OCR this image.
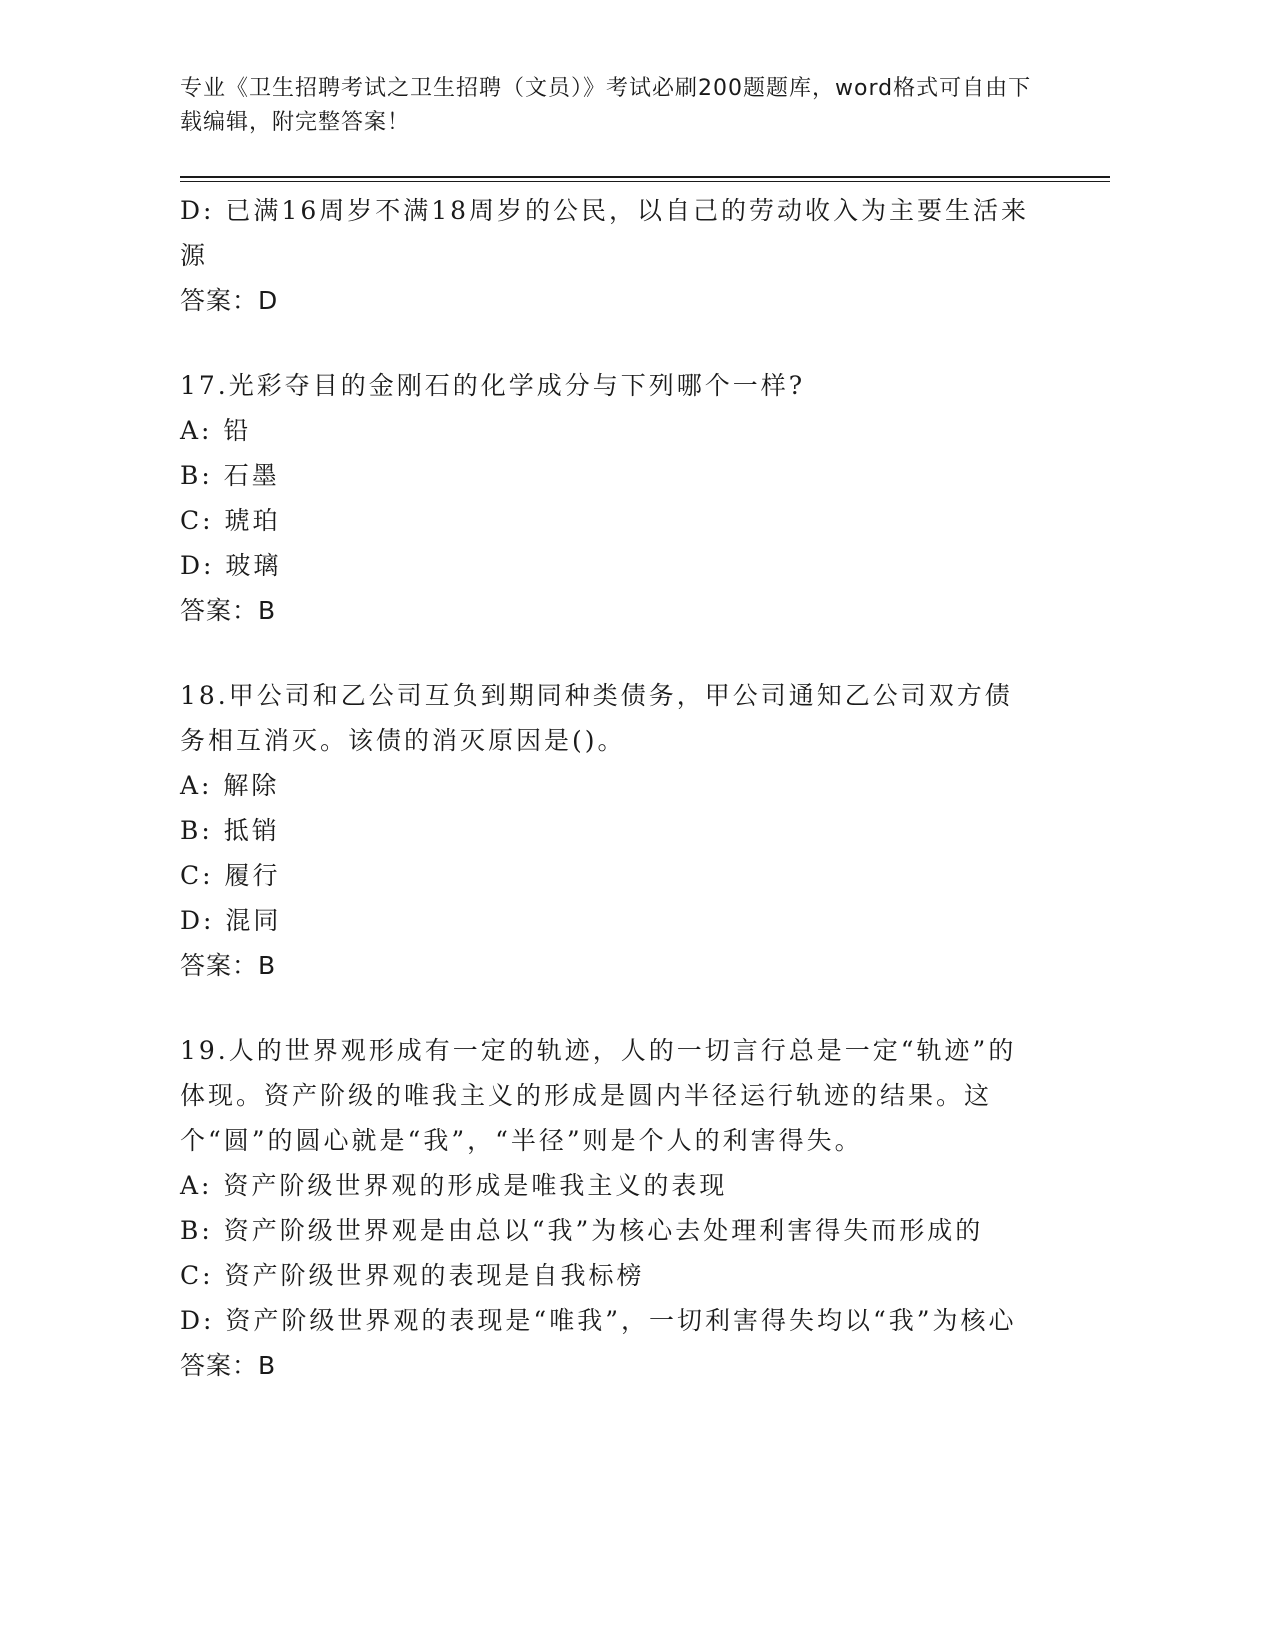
专业《卫生招聘考试之卫生招聘（文员）》考试必刷200题题库，word格式可自由下载编辑，附完整答案！
D: 已满16周岁不满18周岁的公民，以自己的劳动收入为主要生活来源
答案：D
17.光彩夺目的金刚石的化学成分与下列哪个一样?
A: 铅
B: 石墨
C: 琥珀
D: 玻璃
答案：B
18.甲公司和乙公司互负到期同种类债务，甲公司通知乙公司双方债务相互消灭。该债的消灭原因是()。
A: 解除
B: 抵销
C: 履行
D: 混同
答案：B
19.人的世界观形成有一定的轨迹，人的一切言行总是一定“轨迹”的体现。资产阶级的唯我主义的形成是圆内半径运行轨迹的结果。这个“圆”的圆心就是“我”，“半径”则是个人的利害得失。
A: 资产阶级世界观的形成是唯我主义的表现
B: 资产阶级世界观是由总以“我”为核心去处理利害得失而形成的
C: 资产阶级世界观的表现是自我标榜
D: 资产阶级世界观的表现是“唯我”，一切利害得失均以“我”为核心
答案：B
